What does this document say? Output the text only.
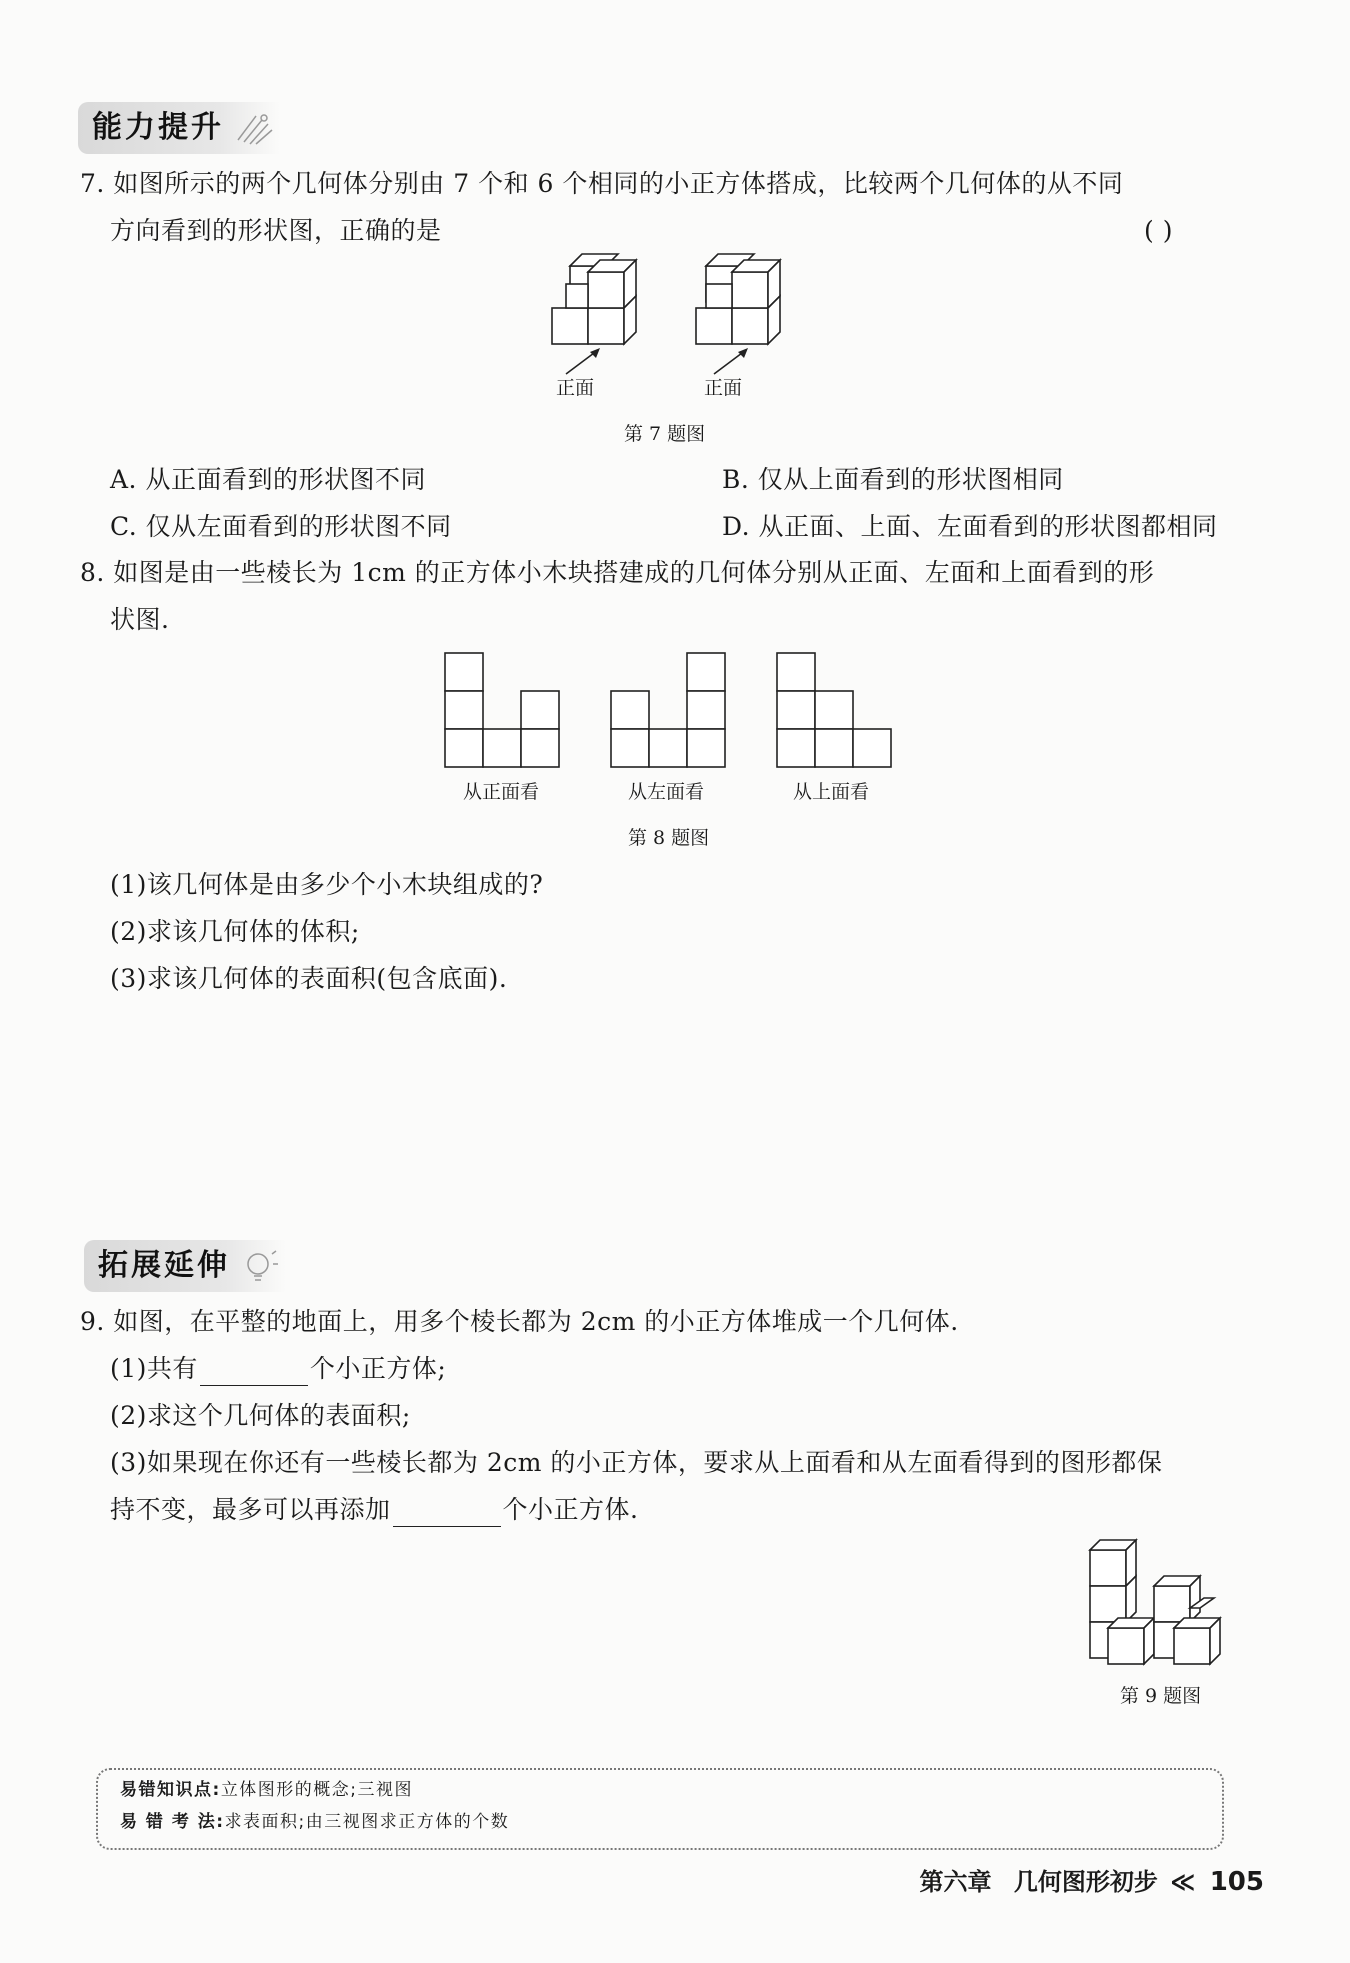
能力提升
7. 如图所示的两个几何体分别由 7 个和 6 个相同的小正方体搭成，比较两个几何体的从不同
方向看到的形状图，正确的是	( )
正面	正面
第 7 题图
A. 从正面看到的形状图不同	B. 仅从上面看到的形状图相同
C. 仅从左面看到的形状图不同	D. 从正面、上面、左面看到的形状图都相同
8. 如图是由一些棱长为 1cm 的正方体小木块搭建成的几何体分别从正面、左面和上面看到的形
状图.
从正面看	从左面看	从上面看
第 8 题图
(1)该几何体是由多少个小木块组成的?
(2)求该几何体的体积;
(3)求该几何体的表面积(包含底面).
拓展延伸
9. 如图，在平整的地面上，用多个棱长都为 2cm 的小正方体堆成一个几何体.
(1)共有	个小正方体;
(2)求这个几何体的表面积;
(3)如果现在你还有一些棱长都为 2cm 的小正方体，要求从上面看和从左面看得到的图形都保
持不变，最多可以再添加	个小正方体.
第 9 题图
易错知识点:立体图形的概念;三视图
易 错 考 法:求表面积;由三视图求正方体的个数
第六章 几何图形初步 ≪ 105
